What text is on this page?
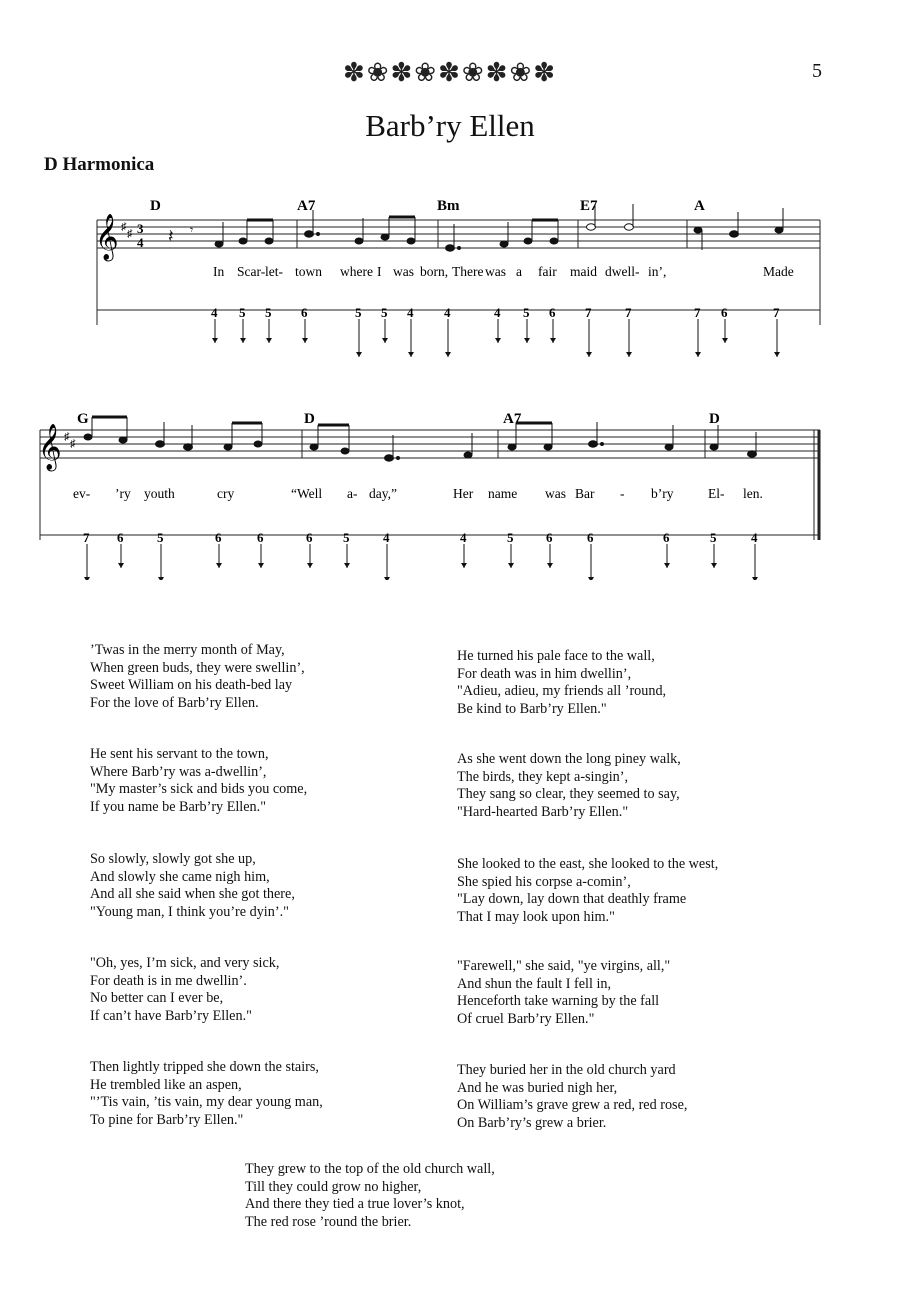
✽❀✽❀✽❀✽❀✽	5
Barb’ry Ellen
D Harmonica
D	A7	Bm	E7	A
𝄞 ♯
♯ 3
4 𝄽 𝄾
In Scar- let- town where I was born, There was a fair maid dwell- in’,	Made
4 5 5 6	5 5 4 4	4 5 6 7	7	7 6	7
G	D	A7	D
𝄞 ♯
♯
ev- ’ry youth	cry	“Well a- day,”	Her name was Bar - b’ry	El- len.
7 6	5	6	6	6 5	4	4	5	6	6	6	5	4
’Twas in the merry month of May,
When green buds, they were swellin’,
Sweet William on his death-bed lay
For the love of Barb’ry Ellen.
He sent his servant to the town,
Where Barb’ry was a-dwellin’,
"My master’s sick and bids you come,
If you name be Barb’ry Ellen."
So slowly, slowly got she up,
And slowly she came nigh him,
And all she said when she got there,
"Young man, I think you’re dyin’."
"Oh, yes, I’m sick, and very sick,
For death is in me dwellin’.
No better can I ever be,
If can’t have Barb’ry Ellen."
Then lightly tripped she down the stairs,
He trembled like an aspen,
"’Tis vain, ’tis vain, my dear young man,
To pine for Barb’ry Ellen."
He turned his pale face to the wall,
For death was in him dwellin’,
"Adieu, adieu, my friends all ’round,
Be kind to Barb’ry Ellen."
As she went down the long piney walk,
The birds, they kept a-singin’,
They sang so clear, they seemed to say,
"Hard-hearted Barb’ry Ellen."
She looked to the east, she looked to the west,
She spied his corpse a-comin’,
"Lay down, lay down that deathly frame
That I may look upon him."
"Farewell," she said, "ye virgins, all,"
And shun the fault I fell in,
Henceforth take warning by the fall
Of cruel Barb’ry Ellen."
They buried her in the old church yard
And he was buried nigh her,
On William’s grave grew a red, red rose,
On Barb’ry’s grew a brier.
They grew to the top of the old church wall,
Till they could grow no higher,
And there they tied a true lover’s knot,
The red rose ’round the brier.
